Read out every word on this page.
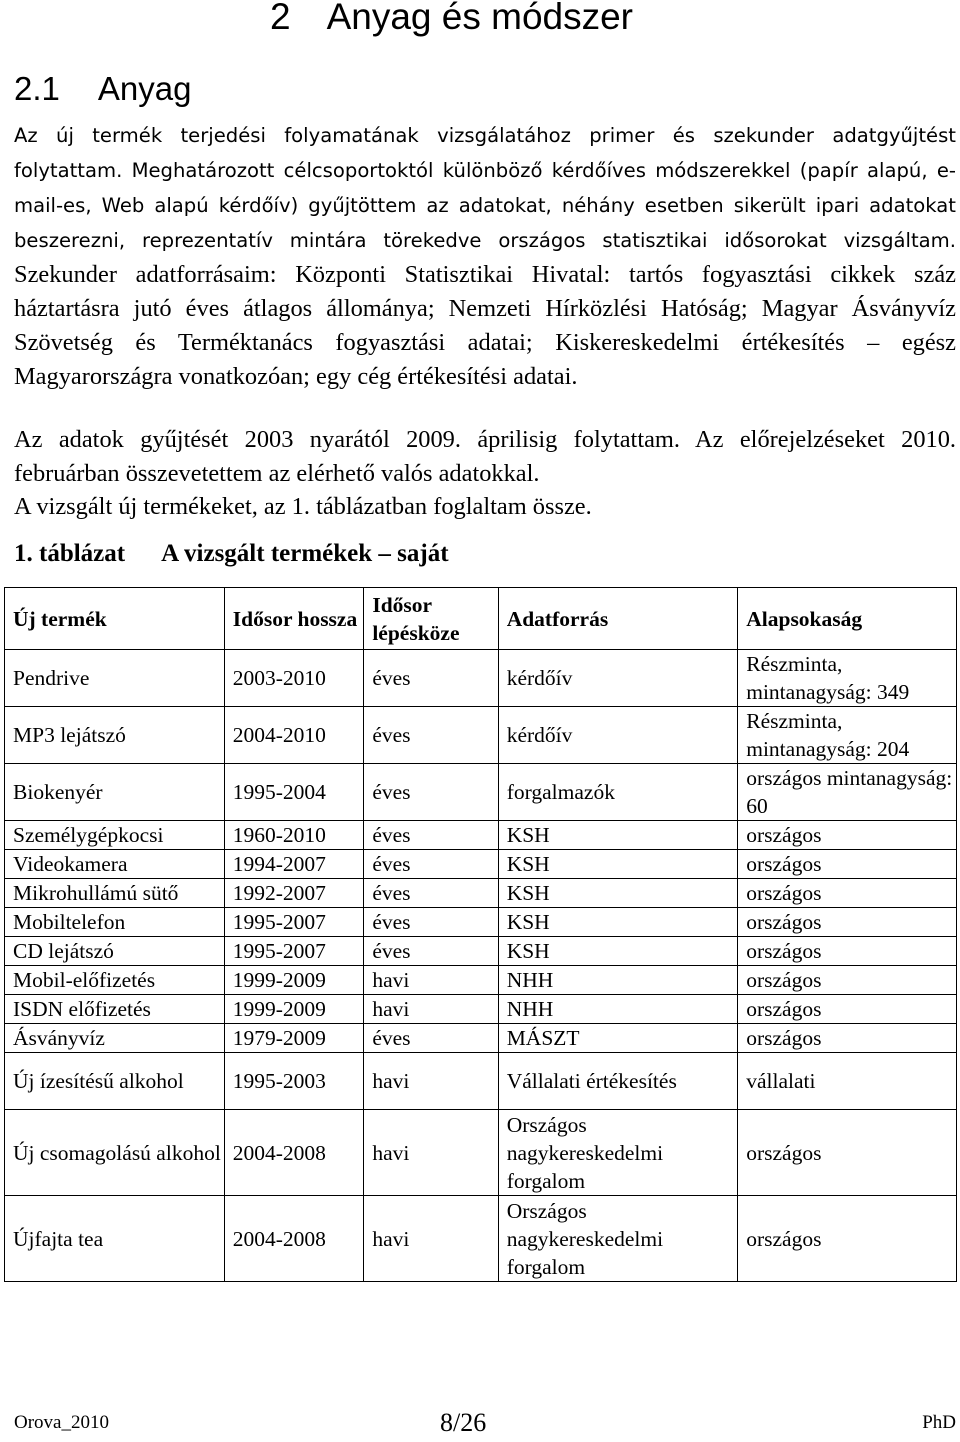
2 Anyag és módszer
2.1 Anyag

Az új termék terjedési folyamatának vizsgálatához primer és szekunder adatgyűjtést folytattam. Meghatározott célcsoportoktól különböző kérdőíves módszerekkel (papír alapú, e-mail-es, Web alapú kérdőív) gyűjtöttem az adatokat, néhány esetben sikerült ipari adatokat beszerezni, reprezentatív mintára törekedve országos statisztikai idősorokat vizsgáltam. Szekunder adatforrásaim: Központi Statisztikai Hivatal: tartós fogyasztási cikkek száz háztartásra jutó éves átlagos állománya; Nemzeti Hírközlési Hatóság; Magyar Ásványvíz Szövetség és Terméktanács fogyasztási adatai; Kiskereskedelmi értékesítés – egész Magyarországra vonatkozóan; egy cég értékesítési adatai.

Az adatok gyűjtését 2003 nyarától 2009. áprilisig folytattam. Az előrejelzéseket 2010. februárban összevetettem az elérhető valós adatokkal.

A vizsgált új termékeket, az 1. táblázatban foglaltam össze.

1. táblázat A vizsgált termékek – saját
Új termék	Idősor hossza	Idősor lépésköze	Adatforrás	Alapsokaság
Pendrive	2003-2010	éves	kérdőív	Részminta, mintanagyság: 349
MP3 lejátszó	2004-2010	éves	kérdőív	Részminta, mintanagyság: 204
Biokenyér	1995-2004	éves	forgalmazók	országos mintanagyság: 60
Személygépkocsi	1960-2010	éves	KSH	országos
Videokamera	1994-2007	éves	KSH	országos
Mikrohullámú sütő	1992-2007	éves	KSH	országos
Mobiltelefon	1995-2007	éves	KSH	országos
CD lejátszó	1995-2007	éves	KSH	országos
Mobil-előfizetés	1999-2009	havi	NHH	országos
ISDN előfizetés	1999-2009	havi	NHH	országos
Ásványvíz	1979-2009	éves	MÁSZT	országos
Új ízesítésű alkohol	1995-2003	havi	Vállalati értékesítés	vállalati
Új csomagolású alkohol	2004-2008	havi	Országos nagykereskedelmi forgalom	országos
Újfajta tea	2004-2008	havi	Országos nagykereskedelmi forgalom	országos
Orova_2010	8/26	PhD
